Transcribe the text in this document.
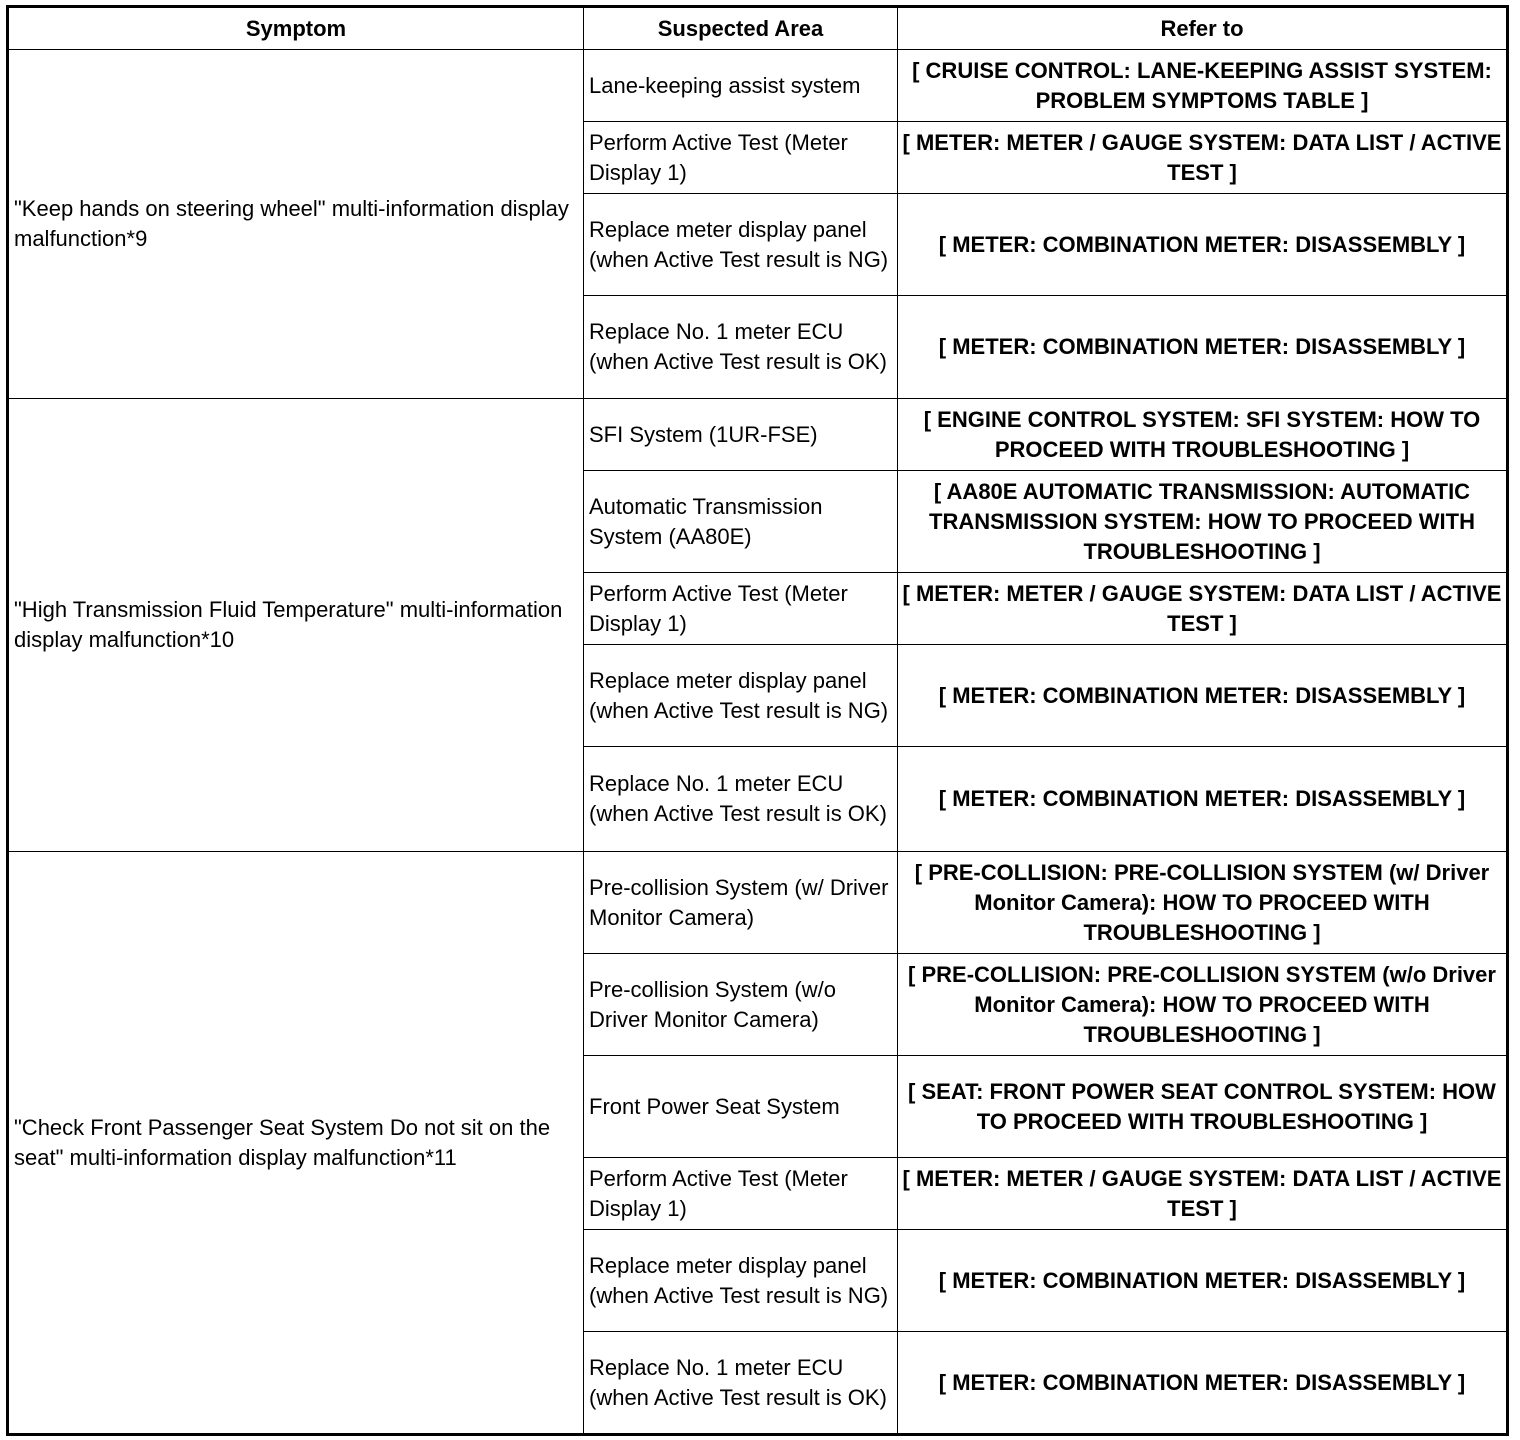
Symptom	Suspected Area	Refer to
"Keep hands on steering wheel" multi-information display malfunction*9	Lane-keeping assist system	[ CRUISE CONTROL: LANE-KEEPING ASSIST SYSTEM: PROBLEM SYMPTOMS TABLE ]
	Perform Active Test (Meter Display 1)	[ METER: METER / GAUGE SYSTEM: DATA LIST / ACTIVE TEST ]
	Replace meter display panel (when Active Test result is NG)	[ METER: COMBINATION METER: DISASSEMBLY ]
	Replace No. 1 meter ECU (when Active Test result is OK)	[ METER: COMBINATION METER: DISASSEMBLY ]
"High Transmission Fluid Temperature" multi-information display malfunction*10	SFI System (1UR-FSE)	[ ENGINE CONTROL SYSTEM: SFI SYSTEM: HOW TO PROCEED WITH TROUBLESHOOTING ]
	Automatic Transmission System (AA80E)	[ AA80E AUTOMATIC TRANSMISSION: AUTOMATIC TRANSMISSION SYSTEM: HOW TO PROCEED WITH TROUBLESHOOTING ]
	Perform Active Test (Meter Display 1)	[ METER: METER / GAUGE SYSTEM: DATA LIST / ACTIVE TEST ]
	Replace meter display panel (when Active Test result is NG)	[ METER: COMBINATION METER: DISASSEMBLY ]
	Replace No. 1 meter ECU (when Active Test result is OK)	[ METER: COMBINATION METER: DISASSEMBLY ]
"Check Front Passenger Seat System Do not sit on the seat" multi-information display malfunction*11	Pre-collision System (w/ Driver Monitor Camera)	[ PRE-COLLISION: PRE-COLLISION SYSTEM (w/ Driver Monitor Camera): HOW TO PROCEED WITH TROUBLESHOOTING ]
	Pre-collision System (w/o Driver Monitor Camera)	[ PRE-COLLISION: PRE-COLLISION SYSTEM (w/o Driver Monitor Camera): HOW TO PROCEED WITH TROUBLESHOOTING ]
	Front Power Seat System	[ SEAT: FRONT POWER SEAT CONTROL SYSTEM: HOW TO PROCEED WITH TROUBLESHOOTING ]
	Perform Active Test (Meter Display 1)	[ METER: METER / GAUGE SYSTEM: DATA LIST / ACTIVE TEST ]
	Replace meter display panel (when Active Test result is NG)	[ METER: COMBINATION METER: DISASSEMBLY ]
	Replace No. 1 meter ECU (when Active Test result is OK)	[ METER: COMBINATION METER: DISASSEMBLY ]
